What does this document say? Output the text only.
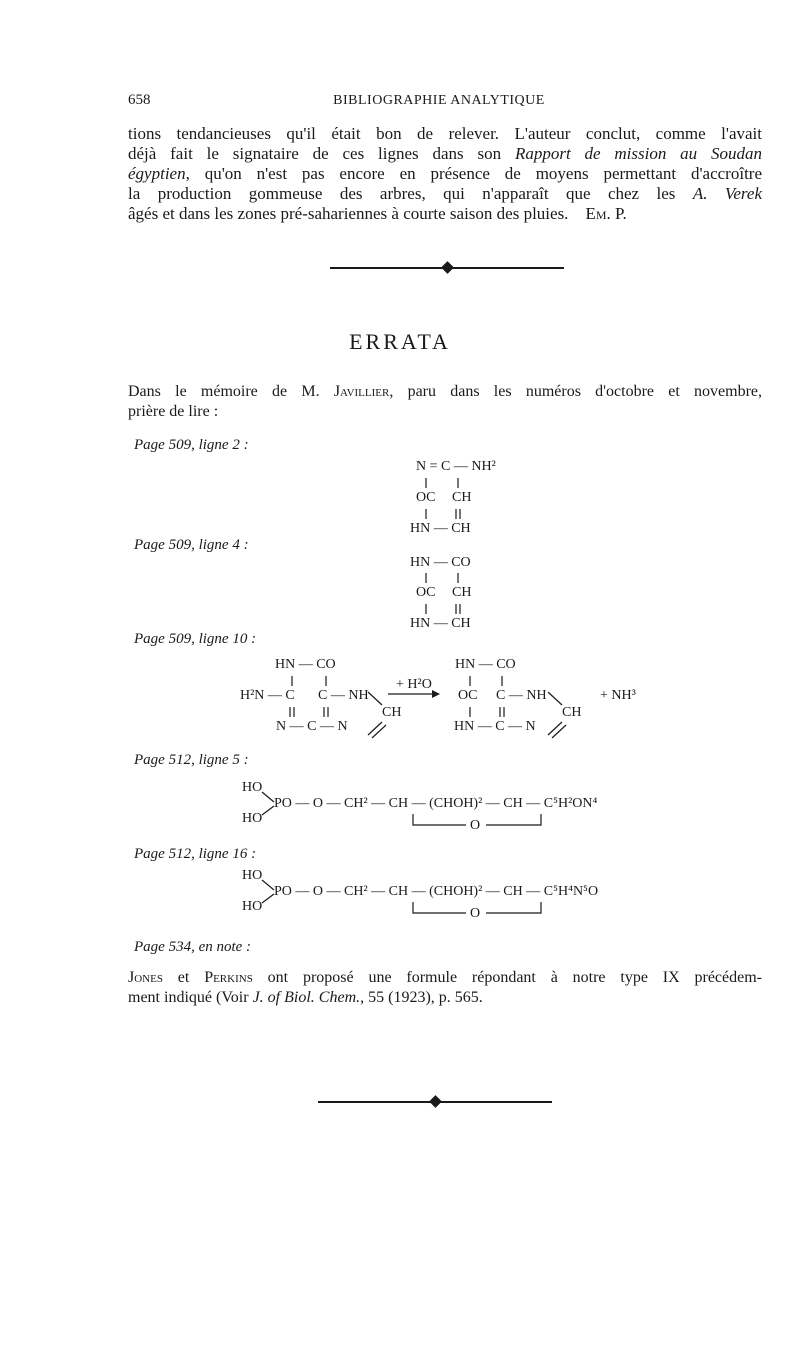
658	BIBLIOGRAPHIE ANALYTIQUE
tions tendancieuses qu'il était bon de relever. L'auteur conclut, comme l'avait
déjà fait le signataire de ces lignes dans son Rapport de mission au Soudan
égyptien, qu'on n'est pas encore en présence de moyens permettant d'accroître
la production gommeuse des arbres, qui n'apparaît que chez les A. Verek
âgés et dans les zones pré-sahariennes à courte saison des pluies. Em. P.
ERRATA
Dans le mémoire de M. Javillier, paru dans les numéros d'octobre et novembre,
prière de lire :
Page 509, ligne 2 :
Page 509, ligne 4 :
Page 509, ligne 10 :
Page 512, ligne 5 :
Page 512, ligne 16 :
Page 534, en note :
N = C — NH²
OC CH
HN — CH
HN — CO
OC CH
HN — CH
HN — CO
H²N — C C — NH
CH
N — C — N
+ H²O
HN — CO
OC C — NH
CH
HN — C — N
+ NH³
HO
HO
PO — O — CH² — CH — (CHOH)² — CH — C⁵H²ON⁴
O
HO
HO
PO — O — CH² — CH — (CHOH)² — CH — C⁵H⁴N⁵O
O
Jones et Perkins ont proposé une formule répondant à notre type IX précédem-
ment indiqué (Voir J. of Biol. Chem., 55 (1923), p. 565.
